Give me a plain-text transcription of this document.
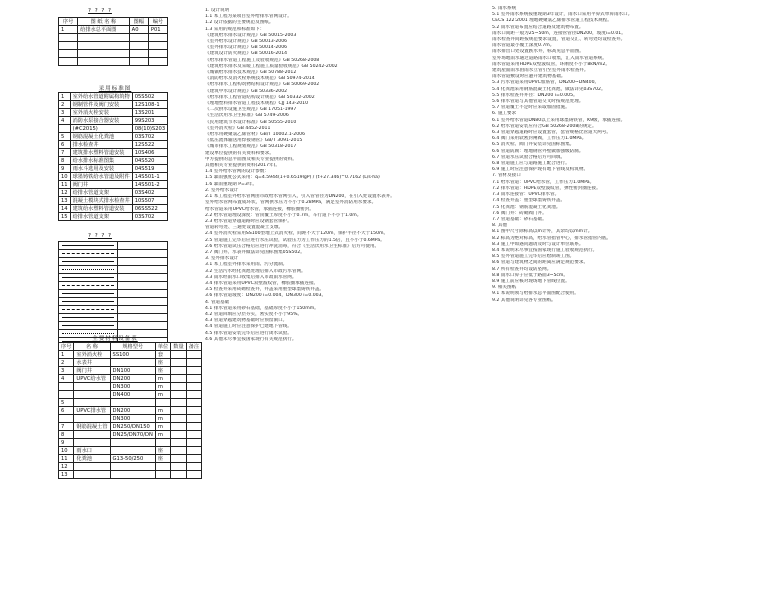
? ? ? ?
序号	图 纸 名 称	图幅	编号
1	给排水总平面图	A0	P01

采用标准图
1	室外给水管道附属构筑物	05S502
2	钢制管件及阀门安装	12S108-1
3	室外消火栓安装	13S201
4	消防水泵接合器安装	99S203
	(#C2015)	08(10)S203
5	钢筋混凝土化粪池	03S702
6	排水检查井	12S522
7	建筑排水塑料管道安装	10S406
8	给水排水标准图集	04S520
9	雨水斗选用及安装	04S519
10	球墨铸铁给水管道及附件	14S501-1
11	阀门井	14S501-2
12	给排水管道支架	03S402
13	混凝土模块式排水检查井	10S507
14	建筑给水塑料管道安装	06SS522
15	给排水管道支架	03S702
? ? ? ?

主要材料设备表
序号	名 称	规格型号	单位	数量	备注
1	室外消火栓	SS100	套		
2	水表井		座		
3	阀门井	DN100	座		
4	UPVC给水管	DN200	m		
		DN300	m		
		DN400	m		
5					
6	UPVC排水管	DN200	m		
		DN300	m		
7	钢筋混凝土管	DN250/DN150	m		
8		DN25/DN70/DN	m		
9					
10	雨水口		座		
11	化粪池	G13-50/250	座		
12					
13					
1. 设计说明
1.1 本工程为某项目室外给排水管网设计。
1.2 设计依据的主要规范及图纸。
1.3 采用的规范和标准如下：
《建筑给水排水设计规范》GB 50015-2003
《室外给水设计规范》GB 50013-2006
《室外排水设计规范》GB 50014-2006
《建筑设计防火规范》GB 50016-2014
《给水排水管道工程施工及验收规范》GB 50268-2008
《建筑给水排水及采暖工程施工质量验收规范》GB 50242-2002
《城镇给水排水技术规范》GB 50788-2012
《消防给水及消火栓系统技术规范》GB 50974-2014
《给水排水工程构筑物结构设计规范》GB 50069-2002
《建筑中水设计规范》GB 50336-2002
《给水排水工程管道结构设计规范》GB 50332-2002
《埋地塑料排水管道工程技术规程》CJJ 143-2010
《二次供水设施卫生规范》GB 17051-1997
《生活饮用水卫生标准》GB 5749-2006
《民用建筑节水设计标准》GB 50555-2010
《室外消火栓》GB 4452-2011
《给水用硬聚氯乙烯管材》GB/T 10002.1-2006
《低压流体输送用焊接钢管》GB/T 3091-2015
《城市排水工程规划规范》GB 50318-2017
建设单位提供的有关资料和要求。
甲方提供的总平面图及相关专业提供的资料。
其他相关专业提供的资料(2017年)。
1.4 室外给水管网的设计参数：
1.5 暴雨强度公式采用：q=4.5944(1+0.6519lgP) / (t+27.346)^0.7162 (L/s·ha)
1.6 暴雨重现期 P=3年。
2. 室外给水设计
2.1 本工程室外给水管网由市政给水管网引入，引入管管径为DN200，在引入处设置水表井。
室外给水管网布置成环状，管网供水压力不小于0.28MPa，满足室外消防用水要求。
给水管道采用UPVC给水管，承插连接，橡胶圈密封。
2.2 给水管道埋设深度：管顶覆土厚度不小于0.7m，车行道下不小于1.0m。
2.3 给水管道穿越道路时应设钢套管保护。
管道转弯处、三通处设置混凝土支墩。
2.4 室外消火栓采用SS100型地上式消火栓，间距不大于120m，保护半径不大于150m。
2.5 管道施工完毕后应进行水压试验，试验压力为工作压力的1.5倍，且不小于0.6MPa。
2.6 给水管道试压合格后应进行冲洗消毒，符合《生活饮用水卫生标准》后方可使用。
2.7 阀门井、水表井做法详见国标图集05S502。
3. 室外排水设计
3.1 本工程室外排水采用雨、污分流制。
3.2 生活污水经化粪池处理后排入市政污水管网。
3.3 雨水经雨水口收集后排入市政雨水管网。
3.4 排水管道采用UPVC双壁波纹管，橡胶圈承插连接。
3.5 检查井采用砖砌检查井，井盖采用重型球墨铸铁井盖。
3.6 排水管道坡度：DN200 i=0.004，DN300 i=0.003。
4. 管道基础
4.1 排水管道采用砂石基础，基础厚度不小于150mm。
4.2 管道回填应分层夯实，密实度不小于95%。
4.3 管道穿越建筑物基础时应预留洞口。
4.4 管道施工时应注意保护已建地下管线。
4.5 排水管道安装完毕后应进行闭水试验。
4.6 其他未尽事宜按国家现行有关规范执行。
5. 雨水系统
5.1 室外雨水系统按重现期3年设计，雨水口采用平箅式单箅雨水口。
CECS 122:2001 埋地硬聚氯乙烯排水管道工程技术规程。
5.2 雨水管道布置应结合道路及建筑物布置。
雨水口间距一般为25~50m，连接管管径DN200，坡度i=0.01。
雨水检查井间距按规范要求设置，管道交汇、转弯处均设检查井。
雨水管道最小覆土深度0.7m。
雨水排出口处设置跌水井，标高见总平面图。
室外场地雨水通过道路雨水口收集，汇入雨水管道系统。
雨水管道采用HDPE双壁波纹管，环刚度不小于8kN/m2。
建筑屋面雨水由雨水立管引至室外雨水检查井。
雨水管道敷设时应避开建筑物基础。
5.3 污水管道采用UPVC加筋管，DN200~DN400。
5.4 化粪池采用钢筋混凝土化粪池，做法详见03S702。
5.5 排水检查井井径：DN200 i=0.005。
5.6 排水管道与其他管道交叉时按规范处理。
5.7 管道覆土不足时应采取加固措施。
6. 施工要求
6.1 室外给水管道DN80以上采用球墨铸铁管，K9级，承插连接。
6.2 给水管道安装应符合GB 50268-2008的规定。
6.3 管道穿越道路时应设置套管，套管规格比管道大两号。
6.4 阀门采用软密封闸阀，工作压力1.0MPa。
6.5 消火栓、阀门井安装详见国标图集。
6.6 管道防腐：埋地钢管外壁做加强级防腐。
6.7 管道水压试验合格后方可回填。
6.8 管道施工应与道路施工配合进行。
6.9 施工时应注意保护现有地下管线及构筑物。
7. 管材及接口
7.1 给水管道：UPVC给水管，工作压力1.0MPa。
7.2 排水管道：HDPE双壁波纹管，弹性密封圈连接。
7.3 雨水连接管：UPVC排水管。
7.4 检查井盖：重型球墨铸铁井盖。
7.5 化粪池：钢筋混凝土化粪池。
7.6 阀门井：砖砌阀门井。
7.7 管道基础：砂石基础。
8. 其他
8.1 图中尺寸除标高以m计外，其余均以mm计。
8.2 标高为绝对标高，给水管指管中心，排水管指管内底。
8.3 施工中如遇问题请及时与设计单位联系。
8.4 本说明未尽事宜按国家现行施工验收规范执行。
8.5 室外管道施工完毕后应绘制竣工图。
8.6 管道与建筑物之间的距离应满足规范要求。
8.7 所有检查井均设防坠网。
8.8 雨水口箅子应低于路面3~5cm。
8.9 施工前应核对现场地下管线位置。
9. 相关图纸
9.1 本说明须与给排水总平面图配合使用。
9.2 其他说明详见各专业图纸。
